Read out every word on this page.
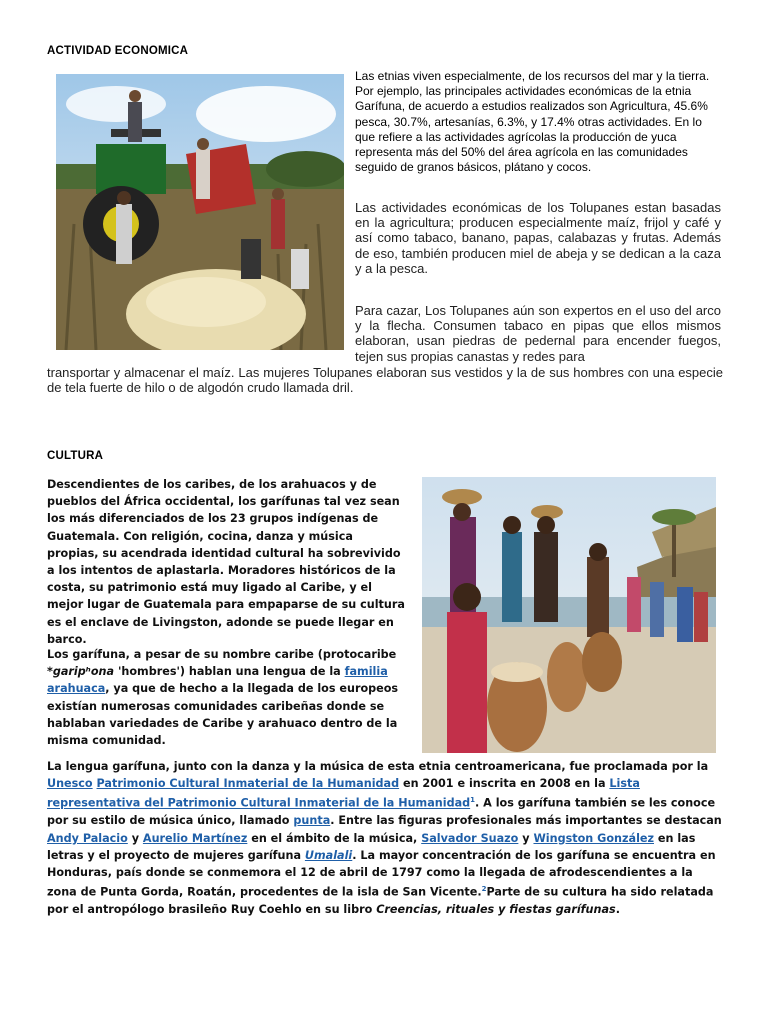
ACTIVIDAD ECONOMICA

Las etnias viven especialmente, de los recursos del mar y la tierra. Por ejemplo, las principales actividades económicas de la etnia Garífuna, de acuerdo a estudios realizados son Agricultura, 45.6% pesca, 30.7%, artesanías, 6.3%, y 17.4% otras actividades. En lo que refiere a las actividades agrícolas la producción de yuca representa más del 50% del área agrícola en las comunidades seguido de granos básicos, plátano y cocos.

Las actividades económicas de los Tolupanes estan basadas en la agricultura; producen especialmente maíz, frijol y café y así como tabaco, banano, papas, calabazas y frutas. Además de eso, también producen miel de abeja y se dedican a la caza y a la pesca.

Para cazar, Los Tolupanes aún son expertos en el uso del arco y la flecha. Consumen tabaco en pipas que ellos mismos elaboran, usan piedras de pedernal para encender fuegos, tejen sus propias canastas y redes para

transportar y almacenar el maíz. Las mujeres Tolupanes elaboran sus vestidos y la de sus hombres con una especie de tela fuerte de hilo o de algodón crudo llamada dril.

CULTURA

Descendientes de los caribes, de los arahuacos y de pueblos del África occidental, los garífunas tal vez sean los más diferenciados de los 23 grupos indígenas de Guatemala. Con religión, cocina, danza y música propias, su acendrada identidad cultural ha sobrevivido a los intentos de aplastarla. Moradores históricos de la costa, su patrimonio está muy ligado al Caribe, y el mejor lugar de Guatemala para empaparse de su cultura es el enclave de Livingston, adonde se puede llegar en barco.

Los garífuna, a pesar de su nombre caribe (protocaribe *garipʰona 'hombres') hablan una lengua de la familia arahuaca, ya que de hecho a la llegada de los europeos existían numerosas comunidades caribeñas donde se hablaban variedades de Caribe y arahuaco dentro de la misma comunidad.

La lengua garífuna, junto con la danza y la música de esta etnia centroamericana, fue proclamada por la Unesco Patrimonio Cultural Inmaterial de la Humanidad en 2001 e inscrita en 2008 en la Lista representativa del Patrimonio Cultural Inmaterial de la Humanidad$^1$. A los garífuna también se les conoce por su estilo de música único, llamado punta. Entre las figuras profesionales más importantes se destacan Andy Palacio y Aurelio Martínez en el ámbito de la música, Salvador Suazo y Wingston González en las letras y el proyecto de mujeres garífuna Umalali. La mayor concentración de los garífuna se encuentra en Honduras, país donde se conmemora el 12 de abril de 1797 como la llegada de afrodescendientes a la zona de Punta Gorda, Roatán, procedentes de la isla de San Vicente.$^2$Parte de su cultura ha sido relatada por el antropólogo brasileño Ruy Coehlo en su libro Creencias, rituales y fiestas garífunas.
